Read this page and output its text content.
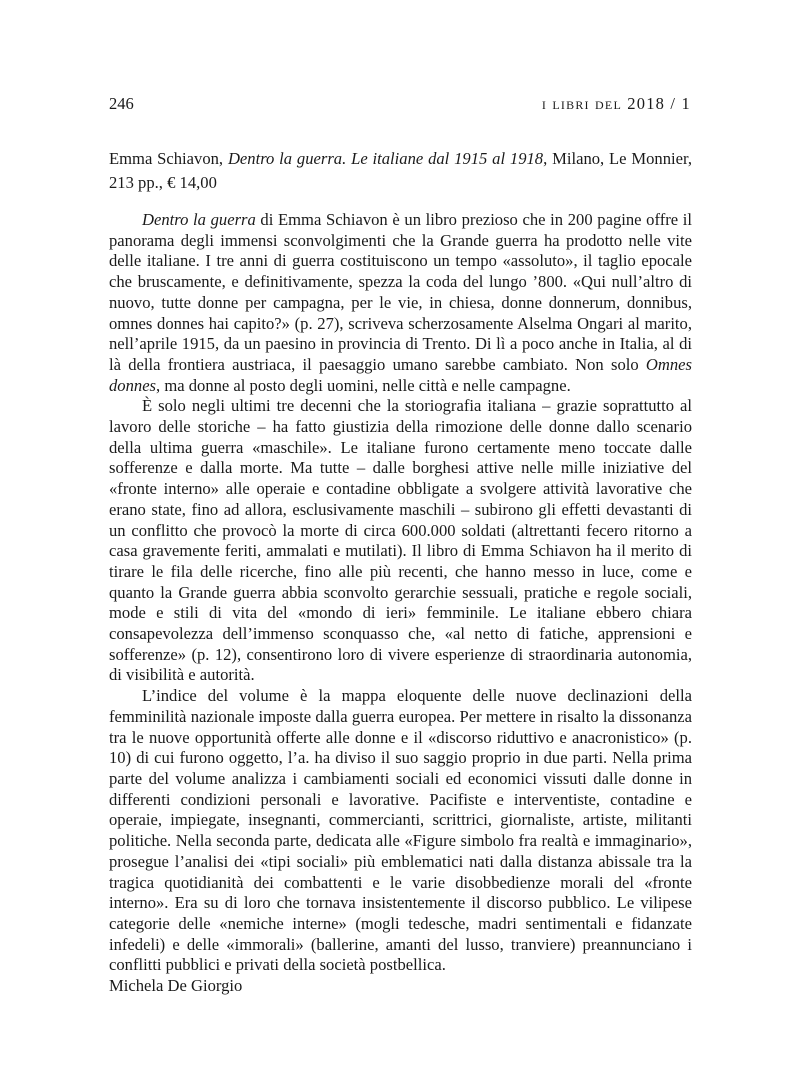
246	i libri del 2018 / 1

Emma Schiavon, Dentro la guerra. Le italiane dal 1915 al 1918, Milano, Le Monnier, 213 pp., € 14,00

Dentro la guerra di Emma Schiavon è un libro prezioso che in 200 pagine offre il panorama degli immensi sconvolgimenti che la Grande guerra ha prodotto nelle vite delle italiane. I tre anni di guerra costituiscono un tempo «assoluto», il taglio epocale che bruscamente, e definitivamente, spezza la coda del lungo ’800. «Qui null’altro di nuovo, tutte donne per campagna, per le vie, in chiesa, donne donnerum, donnibus, omnes donnes hai capito?» (p. 27), scriveva scherzosamente Alselma Ongari al marito, nell’aprile 1915, da un paesino in provincia di Trento. Di lì a poco anche in Italia, al di là della frontiera austriaca, il paesaggio umano sarebbe cambiato. Non solo Omnes donnes, ma donne al posto degli uomini, nelle città e nelle campagne.

È solo negli ultimi tre decenni che la storiografia italiana – grazie soprattutto al lavoro delle storiche – ha fatto giustizia della rimozione delle donne dallo scenario della ultima guerra «maschile». Le italiane furono certamente meno toccate dalle sofferenze e dalla morte. Ma tutte – dalle borghesi attive nelle mille iniziative del «fronte interno» alle operaie e contadine obbligate a svolgere attività lavorative che erano state, fino ad allora, esclusivamente maschili – subirono gli effetti devastanti di un conflitto che provocò la morte di circa 600.000 soldati (altrettanti fecero ritorno a casa gravemente feriti, ammalati e mutilati). Il libro di Emma Schiavon ha il merito di tirare le fila delle ricerche, fino alle più recenti, che hanno messo in luce, come e quanto la Grande guerra abbia sconvolto gerarchie sessuali, pratiche e regole sociali, mode e stili di vita del «mondo di ieri» femminile. Le italiane ebbero chiara consapevolezza dell’immenso sconquasso che, «al netto di fatiche, apprensioni e sofferenze» (p. 12), consentirono loro di vivere esperienze di straordinaria autonomia, di visibilità e autorità.

L’indice del volume è la mappa eloquente delle nuove declinazioni della femminilità nazionale imposte dalla guerra europea. Per mettere in risalto la dissonanza tra le nuove opportunità offerte alle donne e il «discorso riduttivo e anacronistico» (p. 10) di cui furono oggetto, l’a. ha diviso il suo saggio proprio in due parti. Nella prima parte del volume analizza i cambiamenti sociali ed economici vissuti dalle donne in differenti condizioni personali e lavorative. Pacifiste e interventiste, contadine e operaie, impiegate, insegnanti, commercianti, scrittrici, giornaliste, artiste, militanti politiche. Nella seconda parte, dedicata alle «Figure simbolo fra realtà e immaginario», prosegue l’analisi dei «tipi sociali» più emblematici nati dalla distanza abissale tra la tragica quotidianità dei combattenti e le varie disobbedienze morali del «fronte interno». Era su di loro che tornava insistentemente il discorso pubblico. Le vilipese categorie delle «nemiche interne» (mogli tedesche, madri sentimentali e fidanzate infedeli) e delle «immorali» (ballerine, amanti del lusso, tranviere) preannunciano i conflitti pubblici e privati della società postbellica.

Michela De Giorgio
